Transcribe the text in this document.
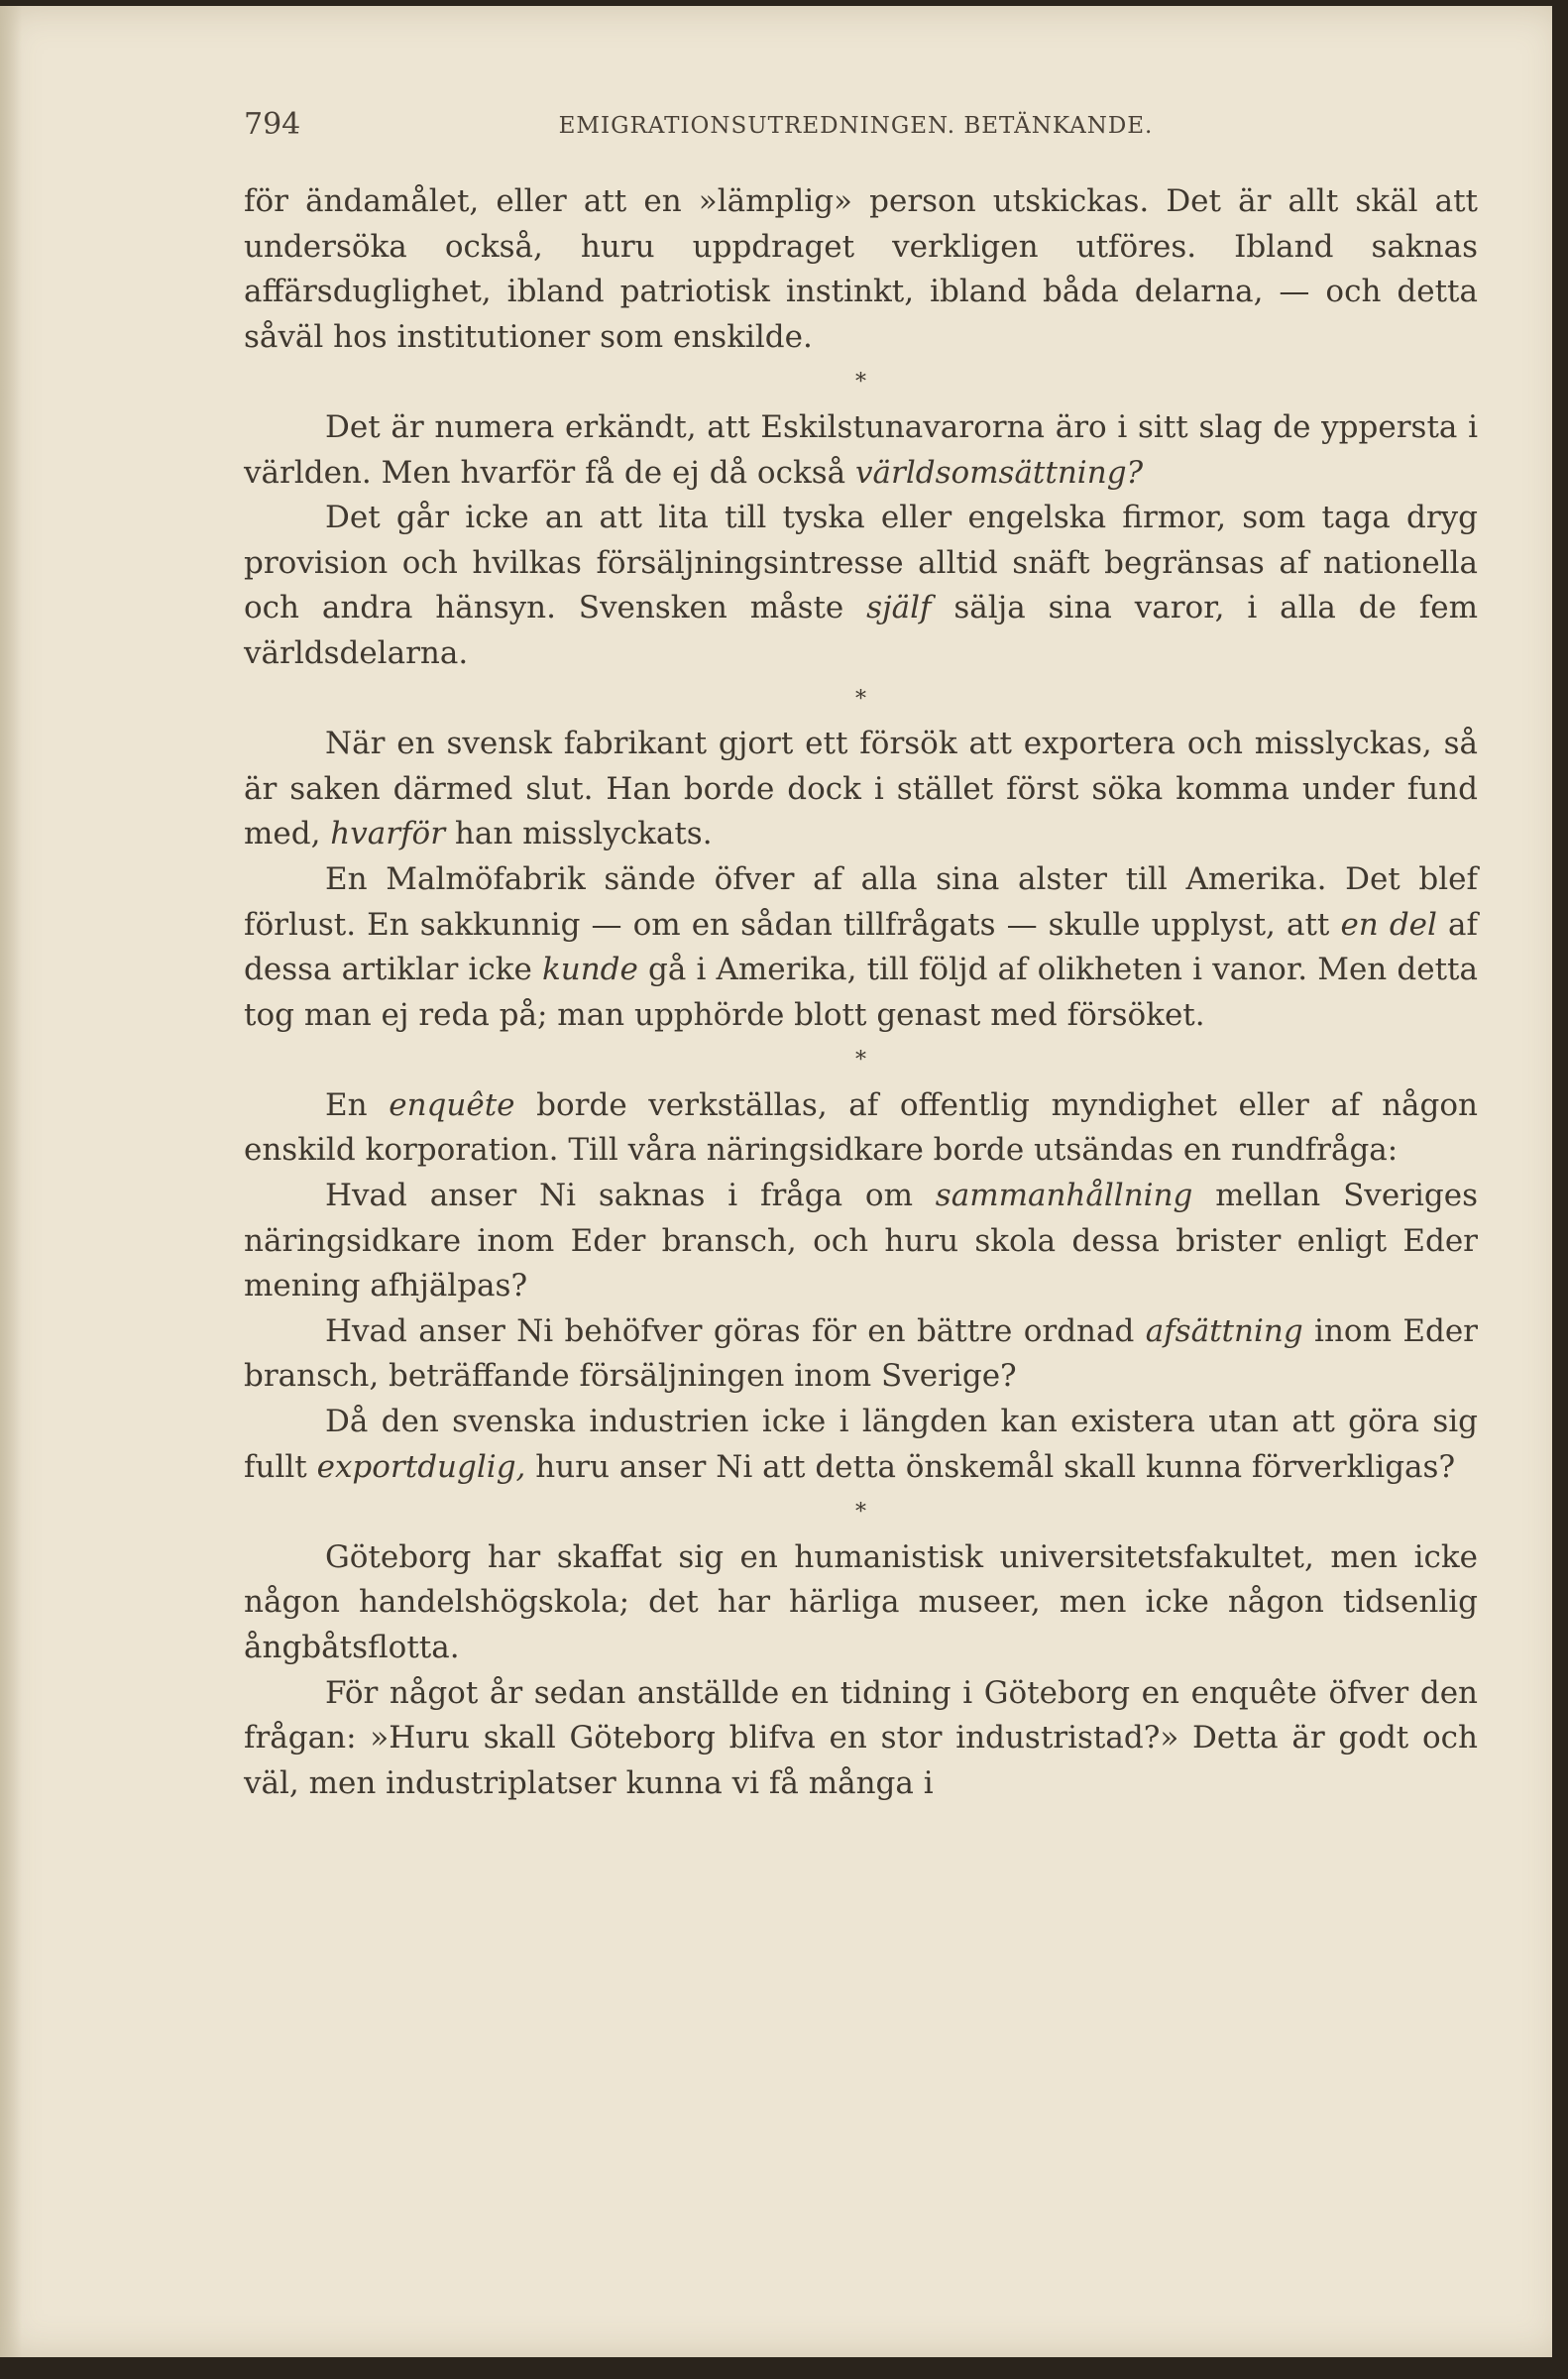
794	EMIGRATIONSUTREDNINGEN. BETÄNKANDE.

för ändamålet, eller att en »lämplig» person utskickas. Det är allt skäl att undersöka också, huru uppdraget verkligen utföres. Ibland saknas affärsduglighet, ibland patriotisk instinkt, ibland båda delarna, — och detta såväl hos institutioner som enskilde.

*

Det är numera erkändt, att Eskilstunavarorna äro i sitt slag de yppersta i världen. Men hvarför få de ej då också världsomsättning?

Det går icke an att lita till tyska eller engelska firmor, som taga dryg provision och hvilkas försäljningsintresse alltid snäft begränsas af nationella och andra hänsyn. Svensken måste själf sälja sina varor, i alla de fem världsdelarna.

*

När en svensk fabrikant gjort ett försök att exportera och misslyckas, så är saken därmed slut. Han borde dock i stället först söka komma under fund med, hvarför han misslyckats.

En Malmöfabrik sände öfver af alla sina alster till Amerika. Det blef förlust. En sakkunnig — om en sådan tillfrågats — skulle upplyst, att en del af dessa artiklar icke kunde gå i Amerika, till följd af olikheten i vanor. Men detta tog man ej reda på; man upphörde blott genast med försöket.

*

En enquête borde verkställas, af offentlig myndighet eller af någon enskild korporation. Till våra näringsidkare borde utsändas en rundfråga:

Hvad anser Ni saknas i fråga om sammanhållning mellan Sveriges näringsidkare inom Eder bransch, och huru skola dessa brister enligt Eder mening afhjälpas?

Hvad anser Ni behöfver göras för en bättre ordnad afsättning inom Eder bransch, beträffande försäljningen inom Sverige?

Då den svenska industrien icke i längden kan existera utan att göra sig fullt exportduglig, huru anser Ni att detta önskemål skall kunna förverkligas?

*

Göteborg har skaffat sig en humanistisk universitetsfakultet, men icke någon handelshögskola; det har härliga museer, men icke någon tidsenlig ångbåtsflotta.

För något år sedan anställde en tidning i Göteborg en enquête öfver den frågan: »Huru skall Göteborg blifva en stor industristad?» Detta är godt och väl, men industriplatser kunna vi få många i
